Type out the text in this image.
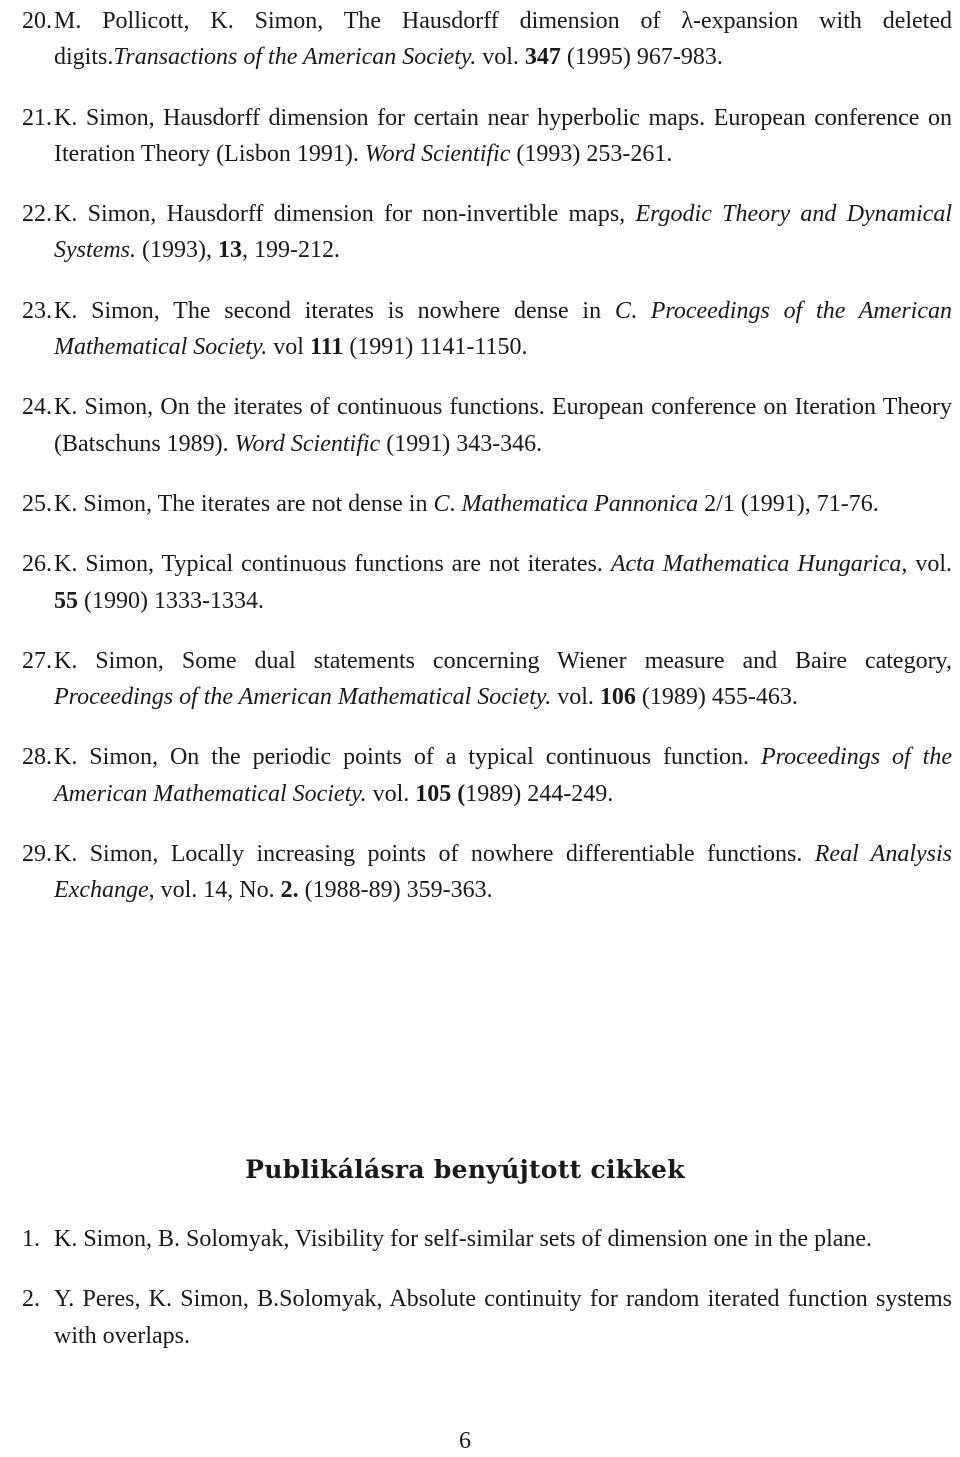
20. M. Pollicott, K. Simon, The Hausdorff dimension of λ-expansion with deleted digits.Transactions of the American Society. vol. 347 (1995) 967-983.
21. K. Simon, Hausdorff dimension for certain near hyperbolic maps. European conference on Iteration Theory (Lisbon 1991). Word Scientific (1993) 253-261.
22. K. Simon, Hausdorff dimension for non-invertible maps, Ergodic Theory and Dynamical Systems. (1993), 13, 199-212.
23. K. Simon, The second iterates is nowhere dense in C. Proceedings of the American Mathematical Society. vol 111 (1991) 1141-1150.
24. K. Simon, On the iterates of continuous functions. European conference on Iteration Theory (Batschuns 1989). Word Scientific (1991) 343-346.
25. K. Simon, The iterates are not dense in C. Mathematica Pannonica 2/1 (1991), 71-76.
26. K. Simon, Typical continuous functions are not iterates. Acta Mathematica Hungarica, vol. 55 (1990) 1333-1334.
27. K. Simon, Some dual statements concerning Wiener measure and Baire category, Proceedings of the American Mathematical Society. vol. 106 (1989) 455-463.
28. K. Simon, On the periodic points of a typical continuous function. Proceedings of the American Mathematical Society. vol. 105 (1989) 244-249.
29. K. Simon, Locally increasing points of nowhere differentiable functions. Real Analysis Exchange, vol. 14, No. 2. (1988-89) 359-363.
Publikálásra benyújtott cikkek
1. K. Simon, B. Solomyak, Visibility for self-similar sets of dimension one in the plane.
2. Y. Peres, K. Simon, B.Solomyak, Absolute continuity for random iterated function systems with overlaps.
6
